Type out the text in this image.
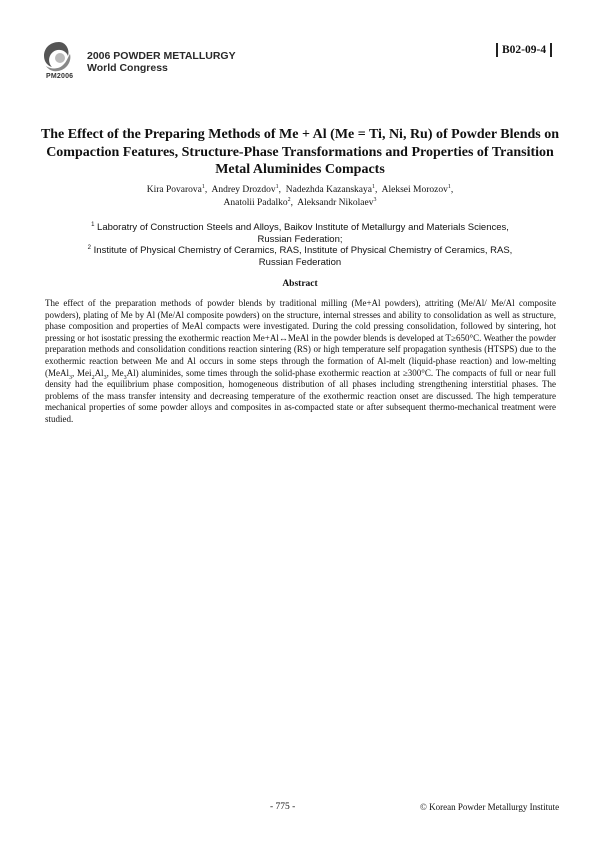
PM2006
2006 POWDER METALLURGY
World Congress
B02-09-4
The Effect of the Preparing Methods of Me + Al (Me = Ti, Ni, Ru) of Powder Blends on Compaction Features, Structure-Phase Transformations and Properties of Transition Metal Aluminides Compacts
Kira Povarova$^1$,  Andrey Drozdov$^1$,  Nadezhda Kazanskaya$^1$,  Aleksei Morozov$^1$,
Anatolii Padalko$^2$,  Aleksandr Nikolaev$^3$
$^1$ Laboratry of Construction Steels and Alloys, Baikov Institute of Metallurgy and Materials Sciences, Russian Federation;
$^2$ Institute of Physical Chemistry of Ceramics, RAS, Institute of Physical Chemistry of Ceramics, RAS, Russian Federation
Abstract

The effect of the preparation methods of powder blends by traditional milling (Me+Al powders), attriting (Me/Al/ Me/Al composite powders), plating of Me by Al (Me/Al composite powders) on the structure, internal stresses and ability to consolidation as well as structure, phase composition and properties of MeAl compacts were investigated. During the cold pressing consolidation, followed by sintering, hot pressing or hot isostatic pressing the exothermic reaction Me+Al↔MeAl in the powder blends is developed at T≥650°C. Weather the powder preparation methods and consolidation conditions reaction sintering (RS) or high temperature self propagation synthesis (HTSPS) due to the exothermic reaction between Me and Al occurs in some steps through the formation of Al-melt (liquid-phase reaction) and low-melting (MeAl$_3$, $Mei_2Al_3$, $Me_3Al$) aluminides, some times through the solid-phase exothermic reaction at ≥300°C. The compacts of full or near full density had the equilibrium phase composition, homogeneous distribution of all phases including strengthening interstitial phases. The problems of the mass transfer intensity and decreasing temperature of the exothermic reaction onset are discussed. The high temperature mechanical properties of some powder alloys and composites in as-compacted state or after subsequent thermo-mechanical treatment were studied.

- 775 -	© Korean Powder Metallurgy Institute
